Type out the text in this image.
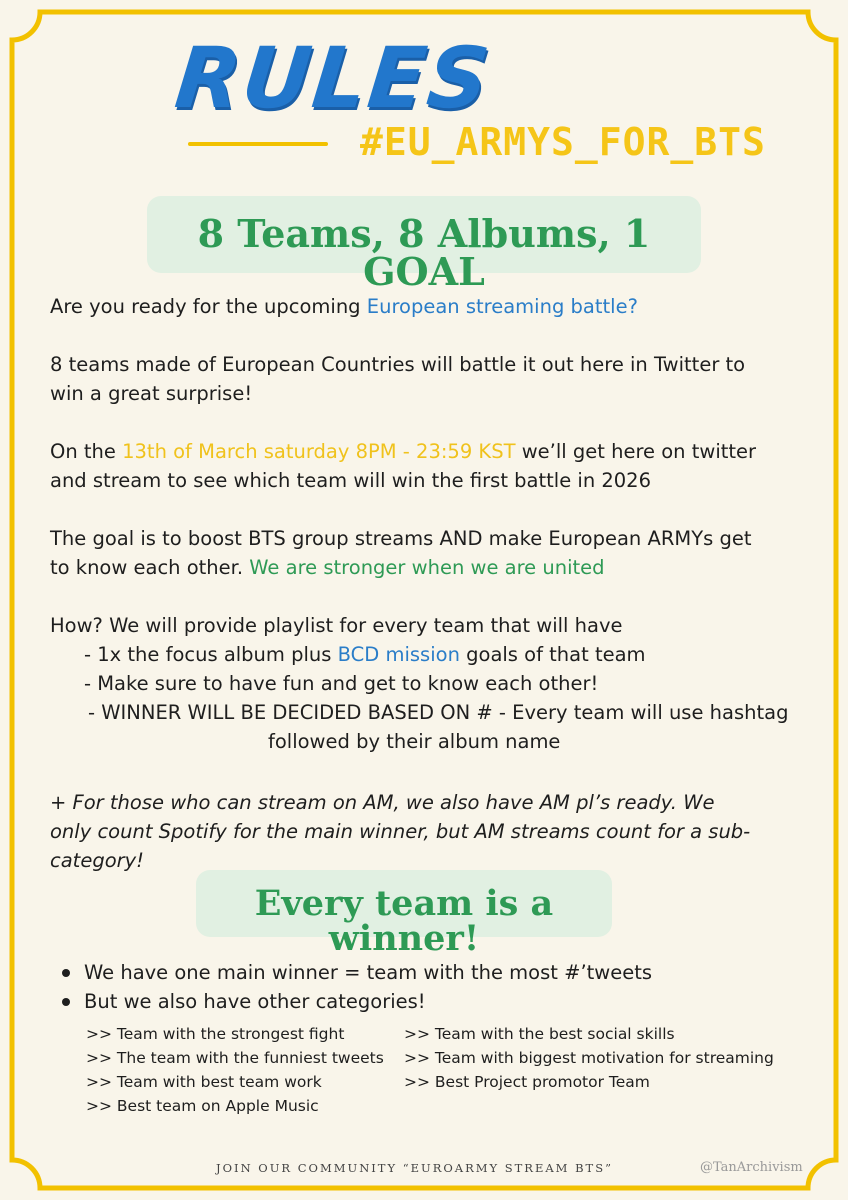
RULES
#EU_ARMYS_FOR_BTS
8 Teams, 8 Albums, 1 GOAL

Are you ready for the upcoming European streaming battle?

8 teams made of European Countries will battle it out here in Twitter to

win a great surprise!

On the 13th of March saturday 8PM - 23:59 KST we’ll get here on twitter

and stream to see which team will win the first battle in 2026

The goal is to boost BTS group streams AND make European ARMYs get

to know each other. We are stronger when we are united

How? We will provide playlist for every team that will have

- 1x the focus album plus BCD mission goals of that team

- Make sure to have fun and get to know each other!

- WINNER WILL BE DECIDED BASED ON # - Every team will use hashtag

followed by their album name

+ For those who can stream on AM, we also have AM pl’s ready. We
only count Spotify for the main winner, but AM streams count for a sub-
category!
Every team is a winner!
We have one main winner = team with the most #’tweets
But we also have other categories!
>> Team with the strongest fight
>> The team with the funniest tweets
>> Team with best team work
>> Best team on Apple Music
>> Team with the best social skills
>> Team with biggest motivation for streaming
>> Best Project promotor Team
JOIN OUR COMMUNITY “EUROARMY STREAM BTS”	@TanArchivism
